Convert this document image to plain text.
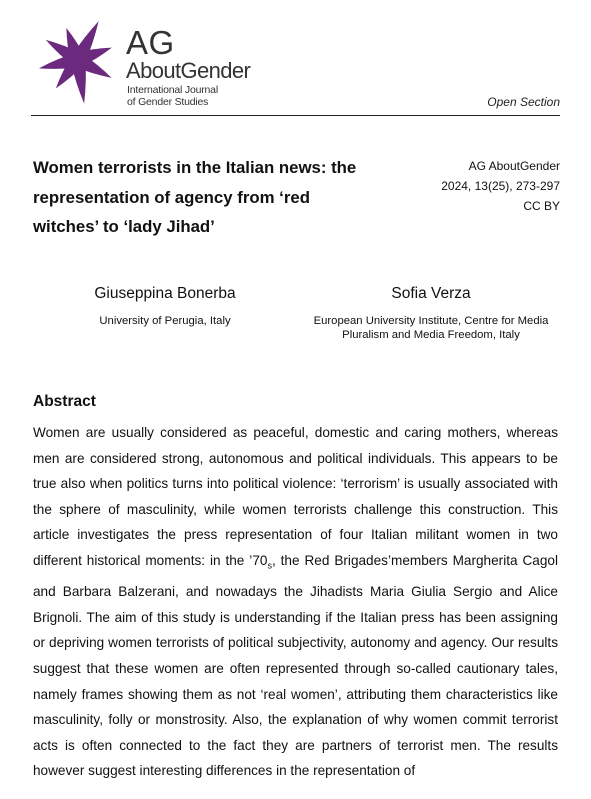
AG
AboutGender
International Journal
of Gender Studies	Open Section
Women terrorists in the Italian news: the representation of agency from ‘red witches’ to ‘lady Jihad’
AG AboutGender
2024, 13(25), 273-297
CC BY
Giuseppina Bonerba
University of Perugia, Italy
Sofia Verza
European University Institute, Centre for Media Pluralism and Media Freedom, Italy
Abstract

Women are usually considered as peaceful, domestic and caring mothers, whereas men are considered strong, autonomous and political individuals. This appears to be true also when politics turns into political violence: ‘terrorism’ is usually associated with the sphere of masculinity, while women terrorists challenge this construction. This article investigates the press representation of four Italian militant women in two different historical moments: in the $’70_s$, the Red Brigades’members Margherita Cagol and Barbara Balzerani, and nowadays the Jihadists Maria Giulia Sergio and Alice Brignoli. The aim of this study is understanding if the Italian press has been assigning or depriving women terrorists of political subjectivity, autonomy and agency. Our results suggest that these women are often represented through so-called cautionary tales, namely frames showing them as not ‘real women’, attributing them characteristics like masculinity, folly or monstrosity. Also, the explanation of why women commit terrorist acts is often connected to the fact they are partners of terrorist men. The results however suggest interesting differences in the representation of
